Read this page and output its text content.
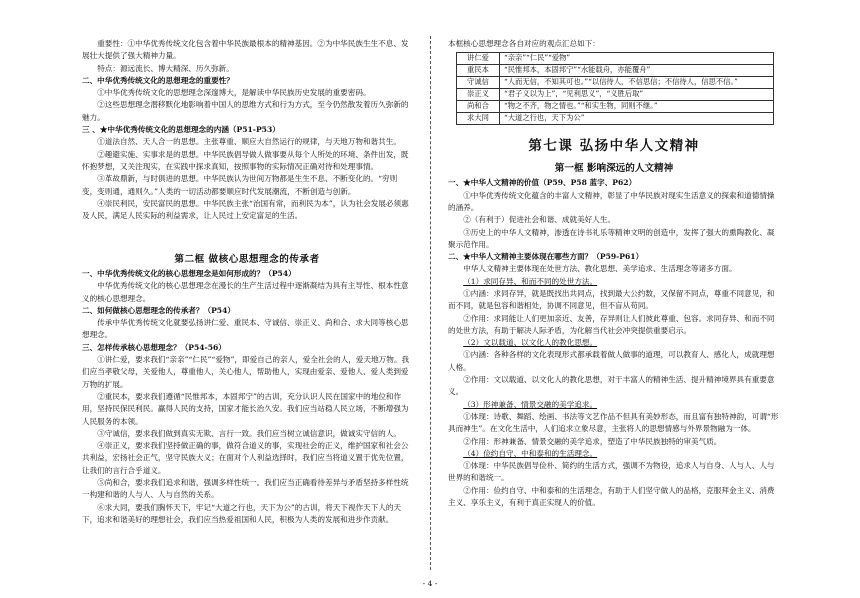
重要性：①中华优秀传统文化包含着中华民族最根本的精神基因。②为中华民族生生不息、发展壮大提供了强大精神力量。

特点：源远流长、博大精深、历久弥新。

二、中华优秀传统文化的思想理念的重要性？

①中华优秀传统文化的思想理念深邃博大，是解读中华民族历史发展的重要密码。

②这些思想理念潜移默化地影响着中国人的思维方式和行为方式，至今仍然散发着历久弥新的魅力。

三 、★中华优秀传统文化的思想理念的内涵（P51-P53）

①道法自然、天人合一的思想。主张尊重、顺应大自然运行的规律，与天地万物和谐共生。

②趣避实施、实事求是的思想。中华民族倡导做人做事要从每个人所处的环境、条件出发，既怀抱梦想，又关注现实，在实践中探求真知，按照事物的实际情况正确对待和处理事情。

③革故鼎新，与时俱进的思想。中华民族认为世间万物都是生生不息、不断变化的。“穷则变，变则通，通则久。”人类的一切活动都要顺应时代发展潮流，不断创造与创新。

④崇民利民，安民富民的思想。中华民族主张“治国有常，而利民为本”，认为社会发展必须惠及人民，满足人民实际的利益需求，让人民过上安定富足的生活。

第二框 做核心思想理念的传承者

一、中华优秀传统文化的核心思想理念是如何形成的？（P54）

中华优秀传统文化的核心思想理念在漫长的生产生活过程中逐渐凝结为具有主导性、根本性意义的核心思想理念。

二、如何做核心思想理念的传承者？（P54）

传承中华优秀传统文化就要弘扬讲仁爱、重民本、守诚信、崇正义、尚和合、求大同等核心思想理念。

三、怎样传承核心思想理念？（P54-56）

①讲仁爱，要求我们“亲亲”“仁民”“爱物”，即爱自己的亲人，爱全社会的人，爱天地万物。我们应当孝敬父母，关爱他人，尊重他人，关心他人，帮助他人，实现由爱亲、爱他人、爱人类到爱万物的扩展。

②重民本，要求我们遵循“民惟邦本，本固邦宁”的古训，充分认识人民在国家中的地位和作用，坚持民保民利民。赢得人民的支持，国家才能长治久安。我们应当站稳人民立场，不断增强为人民服务的本领。

③守诚信，要求我们做到真实无欺、言行一致。我们应当树立诚信意识，做诚实守信的人。

④崇正义，要求我们坚持做正确的事，做符合道义的事，实现社会的正义，维护国家和社会公共利益，宏扬社会正气，坚守民族大义；在面对个人利益选择时，我们应当将道义置于优先位置，让我们的言行合乎道义。

⑤尚和合，要求我们追求和谐，强调多样性统一。我们应当正确看待差异与矛盾坚持多样性统一构建和谐的人与人、人与自然的关系。

⑥求大同，要我们胸怀天下，牢记“大道之行也，天下为公”的古训，将天下视作天下人的天下，追求和谐美好的理想社会，我们应当热爱祖国和人民，积极为人类的发展和进步作贡献。

本框核心思想理念各自对应的观点汇总如下：

讲仁爱	“亲亲”“仁民”“爱物”
重民本	“民惟邦本，本固邦宁”“水能载舟，亦能覆舟”
守诚信	“人而无信，不知其可也。”“以信待人，不信思信；不信待人，信思不信。”
崇正义	“君子义以为上”，“见利思义”，“义胜后取”
尚和合	“物之不齐，物之情也。”“和实生物，同则不继。”
求大同	“大道之行也，天下为公”

第七课 弘扬中华人文精神

第一框 影响深远的人文精神

一、★中华人文精神的价值（P59、P58 蓝字、P62）

①中华优秀传统文化蕴含的丰富人文精神，彰显了中华民族对现实生活意义的探索和道德情操的涵养。

②（有利于）促进社会和谐、成就美好人生。

③历史上的中华人文精神，渗透在诗书礼乐等精神文明的创造中，发挥了强大的熏陶教化、凝聚示范作用。

二、★中华人文精神主要体现在哪些方面？（P59-P61）

中华人文精神主要体现在处世方法、教化思想、美学追求、生活理念等诸多方面。

（1）求同存异、和而不同的处世方法。

①内涵：求同存异，就是既找出共同点，找到最大公约数，又保留不同点，尊重不同意见，和而不同，就是包容和谐相处，协调不同意见，但不盲从苟同。

②作用：求同能让人们更加亲近、友善，存异则让人们彼此尊重、包容。求同存异、和而不同的处世方法，有助于解决人际矛盾，为化解当代社会冲突提供重要启示。

（2）文以载道、以文化人的教化思想。

①内涵：各种各样的文化表现形式都承载着做人做事的道理，可以教育人、感化人，成就理想人格。

②作用：文以载道、以文化人的教化思想，对于丰富人的精神生活、提升精神境界具有重要意义。

（3）形神兼备、情景交融的美学追求。

①体现：诗歌、舞蹈、绘画、书法等文艺作品不但具有美妙形态，而且富有独特神韵，可谓“形具而神生”。在文化生活中，人们追求立象尽意，主张将人的思想情感与外界景物融为一体。

②作用：形神兼备、情景交融的美学追求，塑造了中华民族独特的审美气质。

（4）俭约自守、中和泰和的生活理念。

①体现：中华民族倡导俭朴、简约的生活方式，强调不为物役，追求人与自身、人与人、人与世界的和谐统一。

②作用：俭约自守、中和泰和的生活理念，有助于人们坚守做人的品格，克服拜金主义、消费主义、享乐主义，有利于真正实现人的价值。

- 4 -
